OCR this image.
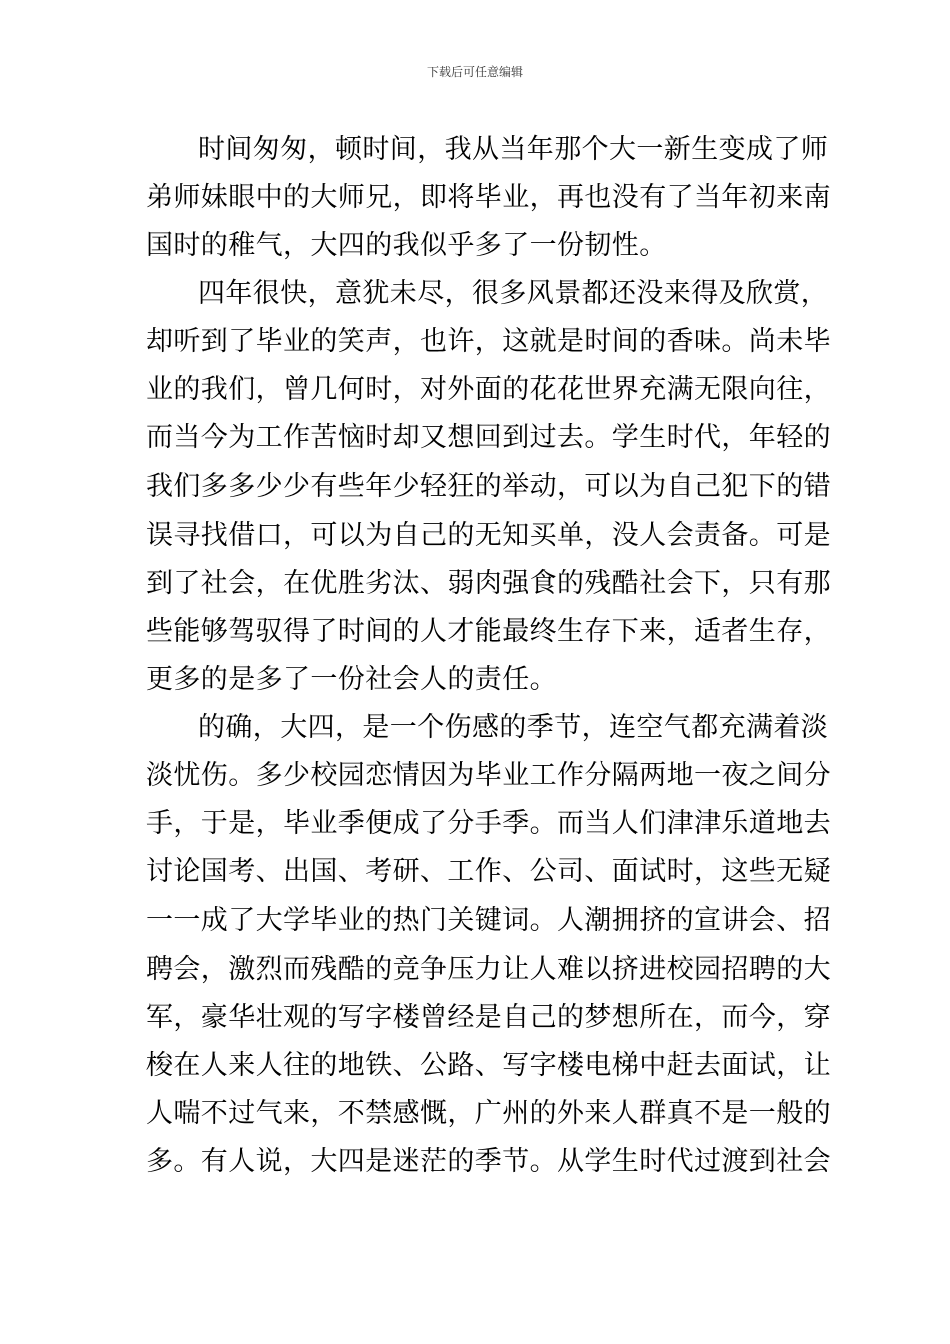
下载后可任意编辑
时间匆匆，顿时间，我从当年那个大一新生变成了师
弟师妹眼中的大师兄，即将毕业，再也没有了当年初来南
国时的稚气，大四的我似乎多了一份韧性。
四年很快，意犹未尽，很多风景都还没来得及欣赏，
却听到了毕业的笑声，也许，这就是时间的香味。尚未毕
业的我们，曾几何时，对外面的花花世界充满无限向往，
而当今为工作苦恼时却又想回到过去。学生时代，年轻的
我们多多少少有些年少轻狂的举动，可以为自己犯下的错
误寻找借口，可以为自己的无知买单，没人会责备。可是
到了社会，在优胜劣汰、弱肉强食的残酷社会下，只有那
些能够驾驭得了时间的人才能最终生存下来，适者生存，
更多的是多了一份社会人的责任。
的确，大四，是一个伤感的季节，连空气都充满着淡
淡忧伤。多少校园恋情因为毕业工作分隔两地一夜之间分
手，于是，毕业季便成了分手季。而当人们津津乐道地去
讨论国考、出国、考研、工作、公司、面试时，这些无疑
一一成了大学毕业的热门关键词。人潮拥挤的宣讲会、招
聘会，激烈而残酷的竞争压力让人难以挤进校园招聘的大
军，豪华壮观的写字楼曾经是自己的梦想所在，而今，穿
梭在人来人往的地铁、公路、写字楼电梯中赶去面试，让
人喘不过气来，不禁感慨，广州的外来人群真不是一般的
多。有人说，大四是迷茫的季节。从学生时代过渡到社会
